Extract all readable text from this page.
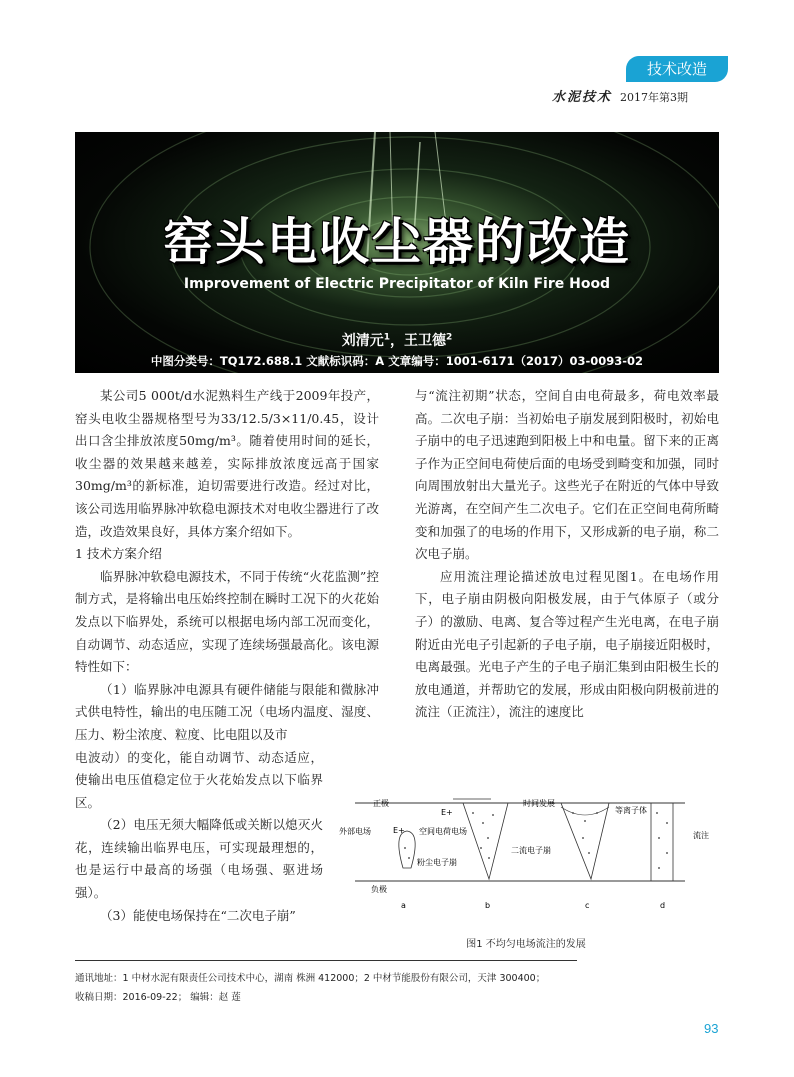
技术改造
水泥技术 2017年第3期
窑头电收尘器的改造
Improvement of Electric Precipitator of Kiln Fire Hood
刘清元$^1$，王卫德$^2$
中图分类号：TQ172.688.1 文献标识码：A 文章编号：1001-6171（2017）03-0093-02

某公司5 000t/d水泥熟料生产线于2009年投产，窑头电收尘器规格型号为33/12.5/3×11/0.45，设计出口含尘排放浓度50mg/m³。随着使用时间的延长，收尘器的效果越来越差，实际排放浓度远高于国家30mg/m³的新标准，迫切需要进行改造。经过对比，该公司选用临界脉冲软稳电源技术对电收尘器进行了改造，改造效果良好，具体方案介绍如下。

1 技术方案介绍

临界脉冲软稳电源技术，不同于传统“火花监测”控制方式，是将输出电压始终控制在瞬时工况下的火花始发点以下临界处，系统可以根据电场内部工况而变化，自动调节、动态适应，实现了连续场强最高化。该电源特性如下：

（1）临界脉冲电源具有硬件储能与限能和微脉冲式供电特性，输出的电压随工况（电场内温度、湿度、压力、粉尘浓度、粒度、比电阻以及市

电波动）的变化，能自动调节、动态适应，使输出电压值稳定位于火花始发点以下临界区。

（2）电压无须大幅降低或关断以熄灭火花，连续输出临界电压，可实现最理想的，也是运行中最高的场强（电场强、驱进场强）。

（3）能使电场保持在“二次电子崩”

与“流注初期”状态，空间自由电荷最多，荷电效率最高。二次电子崩：当初始电子崩发展到阳极时，初始电子崩中的电子迅速跑到阳极上中和电量。留下来的正离子作为正空间电荷使后面的电场受到畸变和加强，同时向周围放射出大量光子。这些光子在附近的气体中导致光游离，在空间产生二次电子。它们在正空间电荷所畸变和加强了的电场的作用下，又形成新的电子崩，称二次电子崩。

应用流注理论描述放电过程见图1。在电场作用下，电子崩由阴极向阳极发展，由于气体原子（或分子）的激励、电离、复合等过程产生光电离，在电子崩附近由光电子引起新的子电子崩，电子崩接近阳极时，电离最强。光电子产生的子电子崩汇集到由阳极生长的放电通道，并帮助它的发展，形成由阳极向阴极前进的流注（正流注），流注的速度比

正极	时间发展
负极
外部电场	E+
E+
空间电荷电场
粉尘电子崩
二流电子崩
等离子体
流注
a	b	c	d
图1 不均匀电场流注的发展
通讯地址：1 中材水泥有限责任公司技术中心，湖南 株洲 412000；2 中材节能股份有限公司，天津 300400；
收稿日期：2016-09-22； 编辑：赵 莲
93
